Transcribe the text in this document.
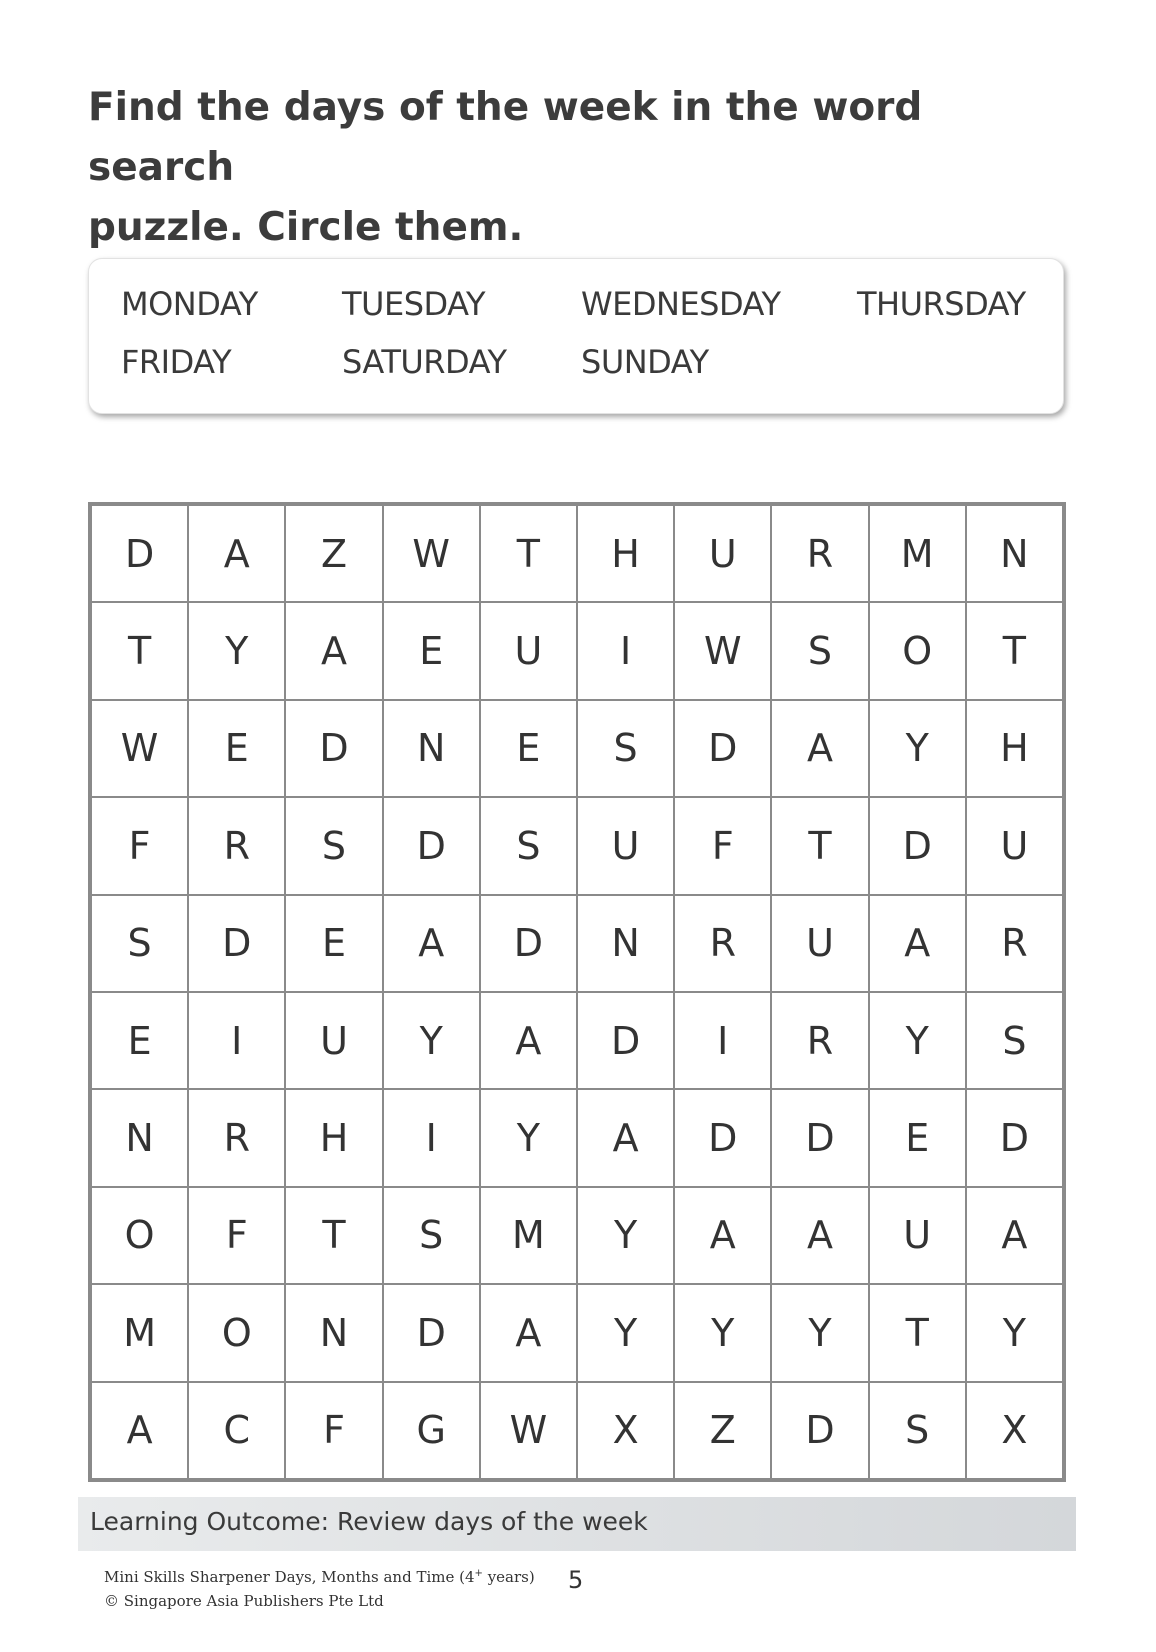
Find the days of the week in the word search
puzzle. Circle them.
MONDAY	TUESDAY	WEDNESDAY THURSDAY
FRIDAY	SATURDAY SUNDAY
D	A	Z	W	T	H	U	R	M	N
T	Y	A	E	U	I	W	S	O	T
W	E	D	N	E	S	D	A	Y	H
F	R	S	D	S	U	F	T	D	U
S	D	E	A	D	N	R	U	A	R
E	I	U	Y	A	D	I	R	Y	S
N	R	H	I	Y	A	D	D	E	D
O	F	T	S	M	Y	A	A	U	A
M	O	N	D	A	Y	Y	Y	T	Y
A	C	F	G	W	X	Z	D	S	X
Learning Outcome: Review days of the week
Mini Skills Sharpener Days, Months and Time (4+ years)
© Singapore Asia Publishers Pte Ltd
5
